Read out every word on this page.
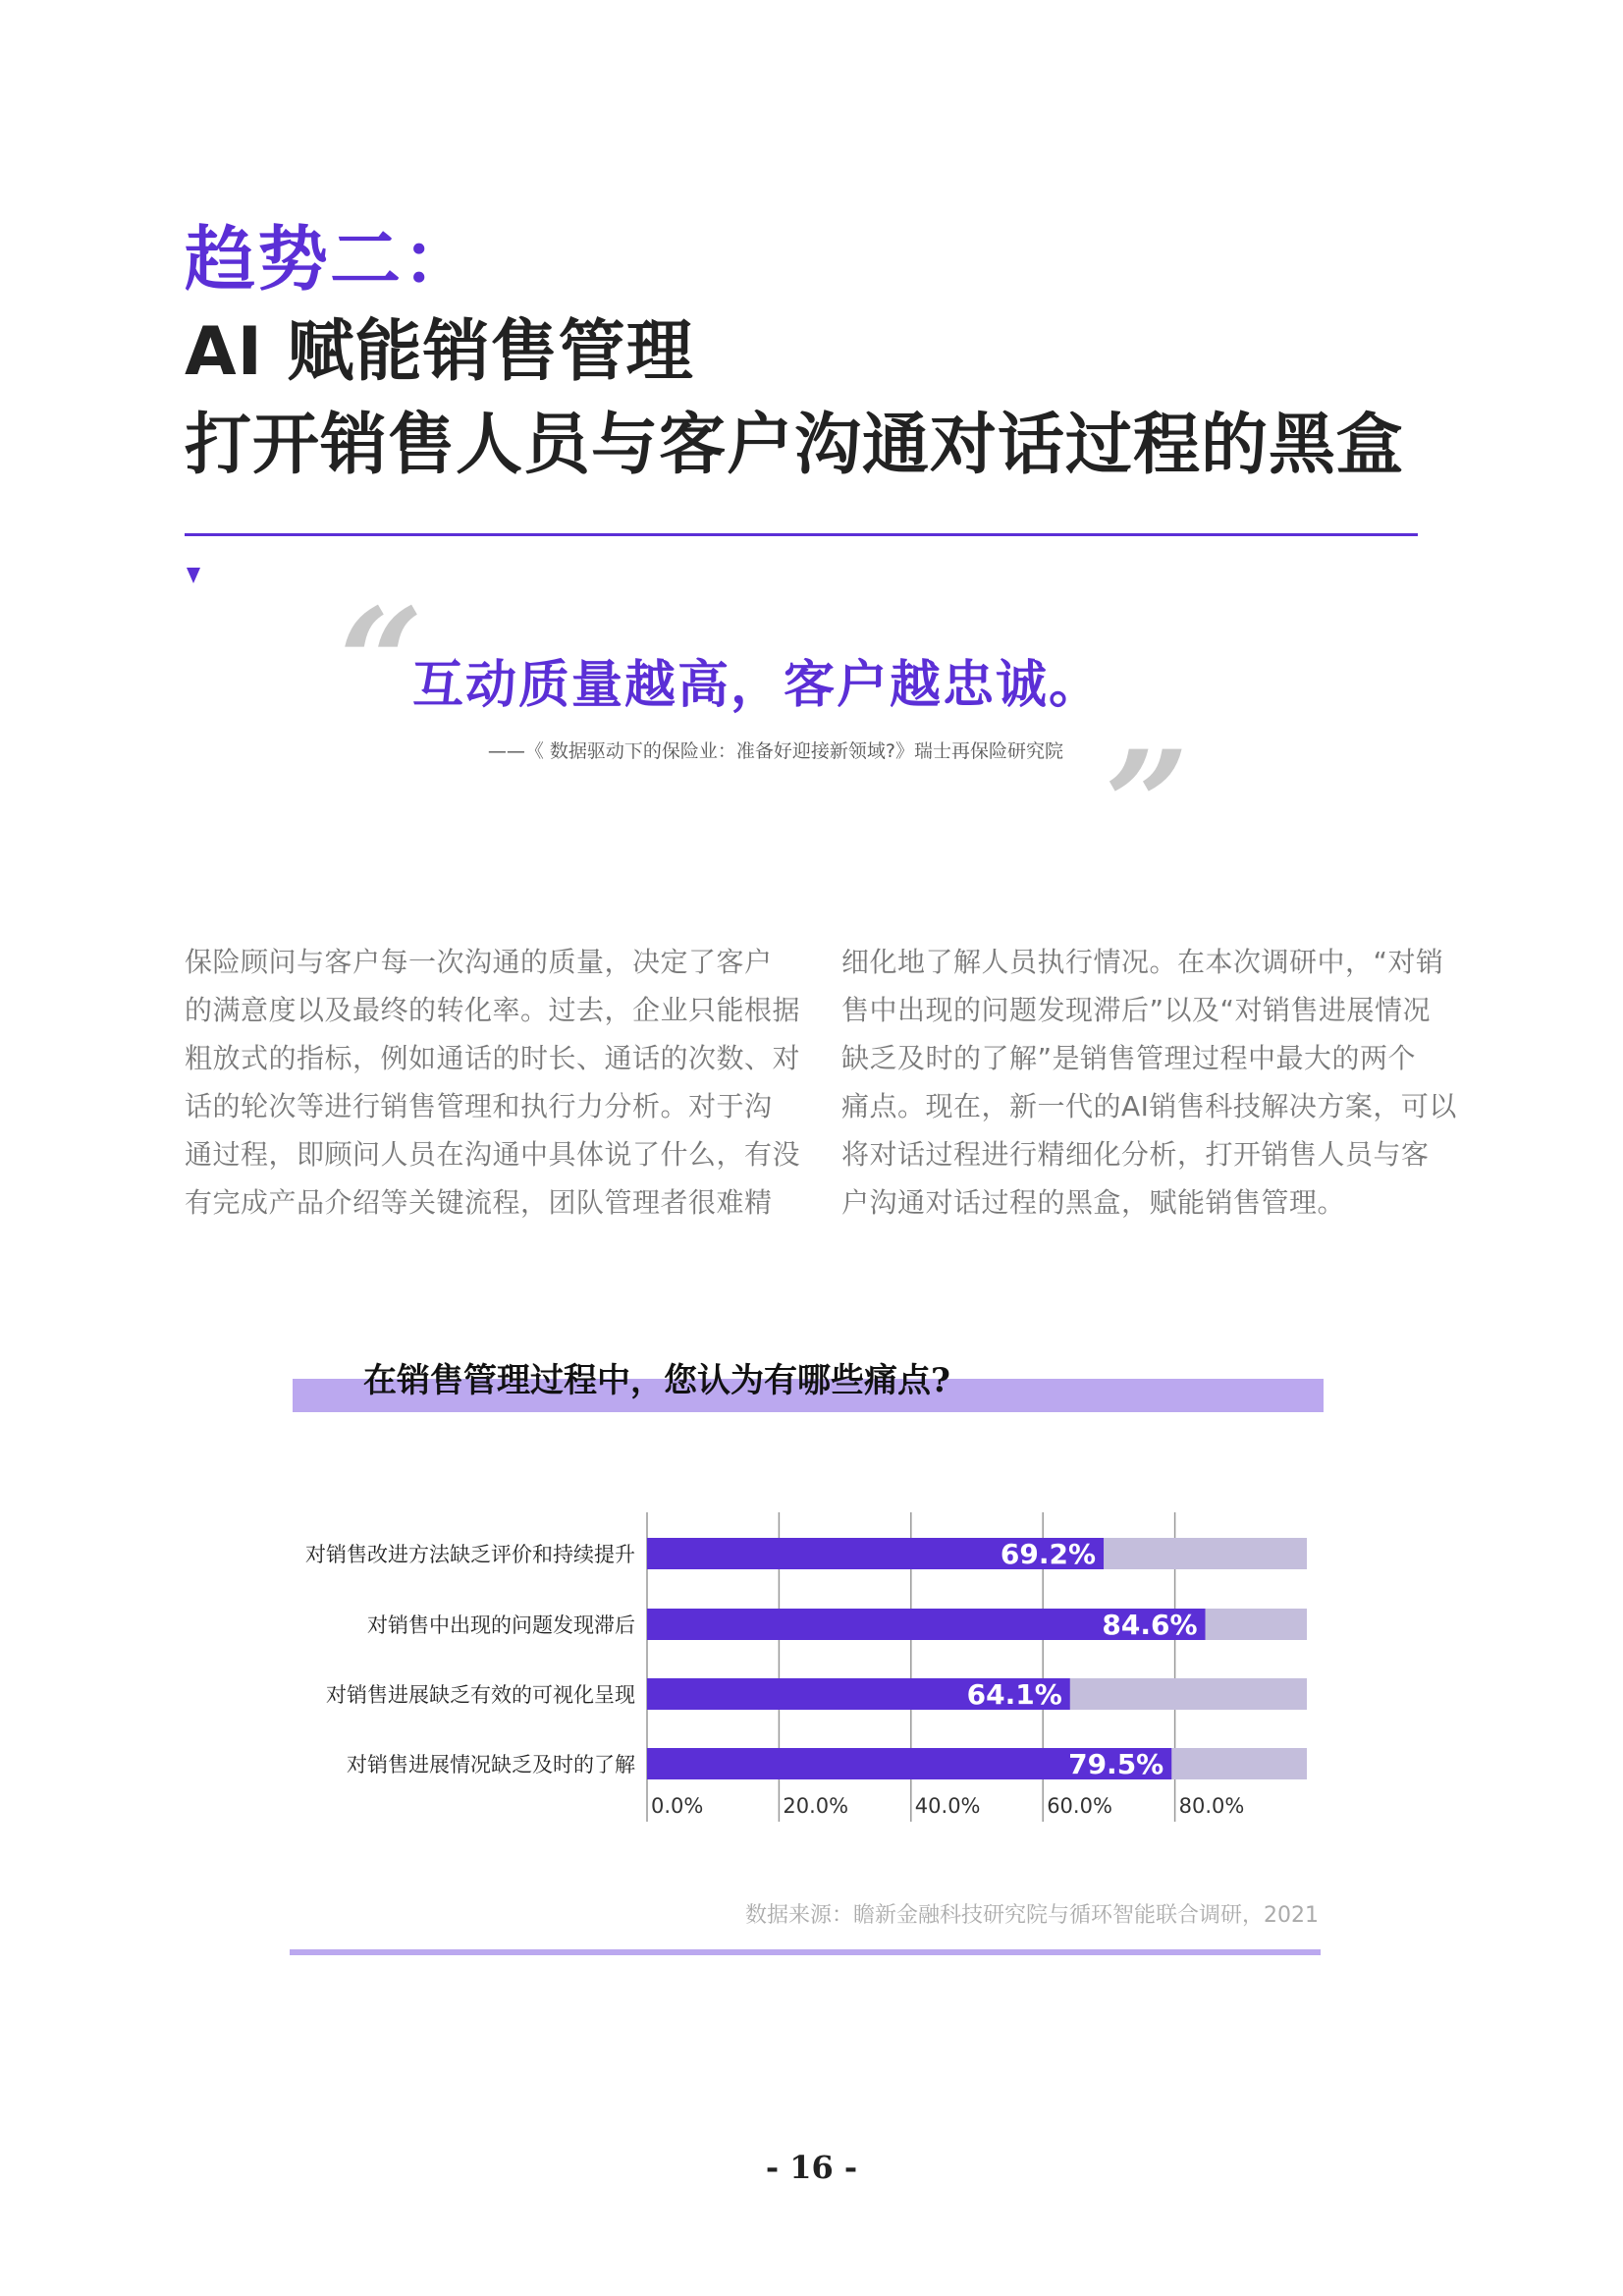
趋势二：
AI 赋能销售管理
打开销售人员与客户沟通对话过程的黑盒
“
互动质量越高，客户越忠诚。
——《 数据驱动下的保险业：准备好迎接新领域?》瑞士再保险研究院 ”

保险顾问与客户每一次沟通的质量，决定了客户

的满意度以及最终的转化率。过去，企业只能根据

粗放式的指标，例如通话的时长、通话的次数、对

话的轮次等进行销售管理和执行力分析。对于沟

通过程，即顾问人员在沟通中具体说了什么，有没

有完成产品介绍等关键流程，团队管理者很难精

细化地了解人员执行情况。在本次调研中，“对销

售中出现的问题发现滞后”以及“对销售进展情况

缺乏及时的了解”是销售管理过程中最大的两个

痛点。现在，新一代的AI销售科技解决方案，可以

将对话过程进行精细化分析，打开销售人员与客

户沟通对话过程的黑盒，赋能销售管理。

在销售管理过程中，您认为有哪些痛点?
0.0%	20.0%	40.0%	60.0%	80.0%
69.2%
对销售改进方法缺乏评价和持续提升
84.6%
对销售中出现的问题发现滞后
64.1%
对销售进展缺乏有效的可视化呈现
79.5%
对销售进展情况缺乏及时的了解
数据来源：瞻新金融科技研究院与循环智能联合调研，2021
- 16 -
